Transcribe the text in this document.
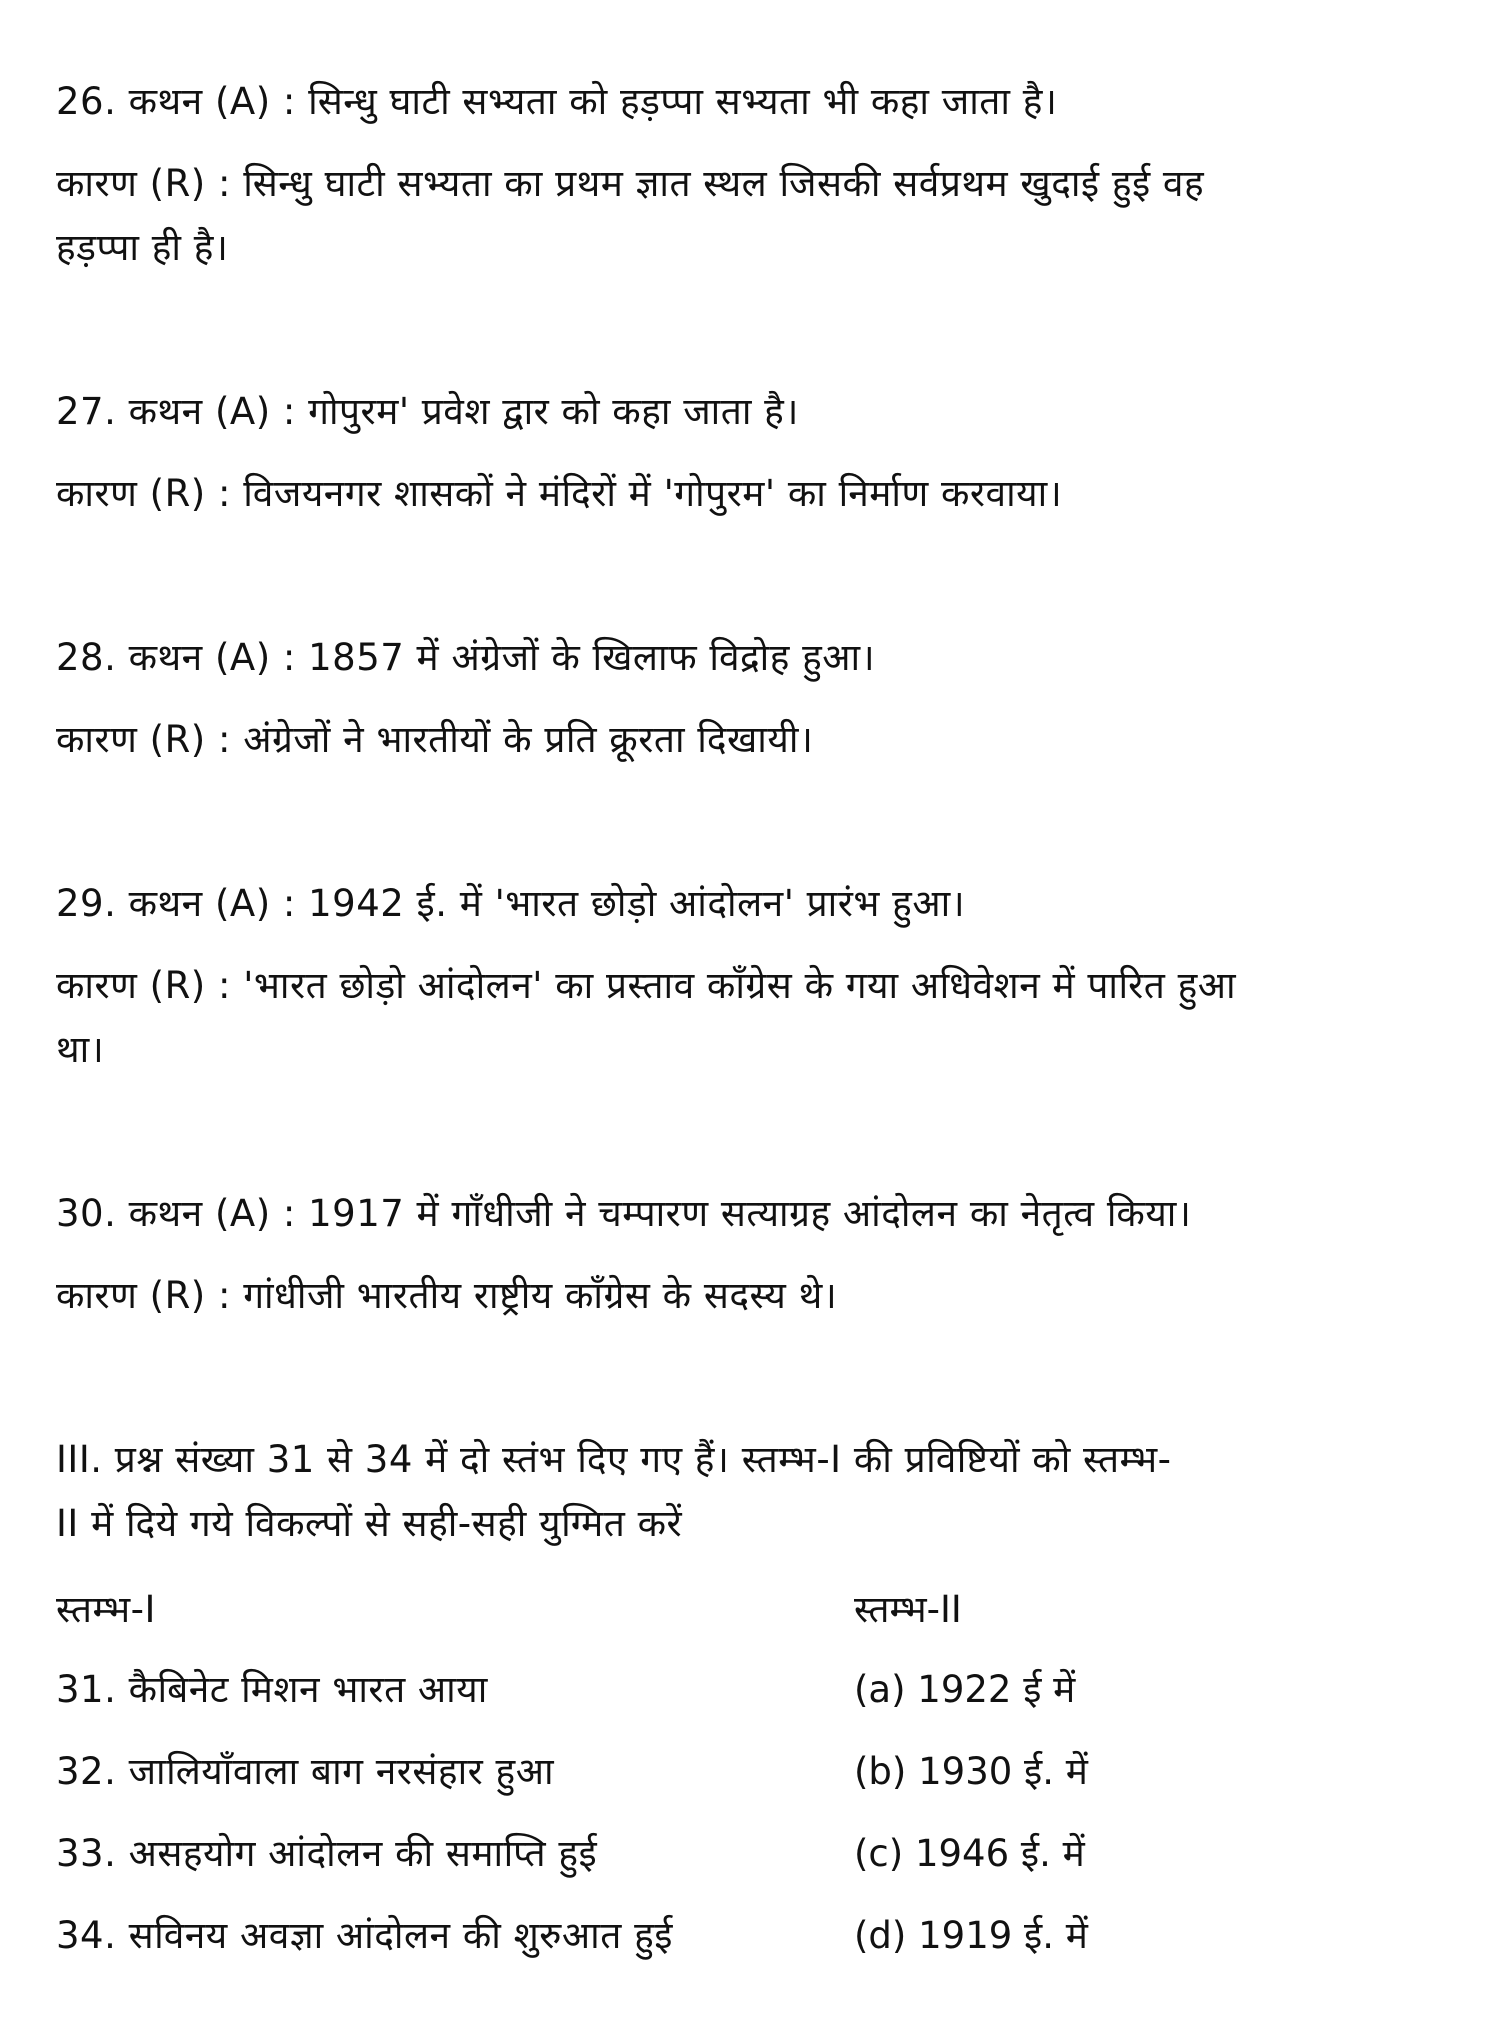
26. कथन (A) : सिन्धु घाटी सभ्यता को हड़प्पा सभ्यता भी कहा जाता है।
कारण (R) : सिन्धु घाटी सभ्यता का प्रथम ज्ञात स्थल जिसकी सर्वप्रथम खुदाई हुई वह
हड़प्पा ही है।
27. कथन (A) : गोपुरम' प्रवेश द्वार को कहा जाता है।
कारण (R) : विजयनगर शासकों ने मंदिरों में 'गोपुरम' का निर्माण करवाया।
28. कथन (A) : 1857 में अंग्रेजों के खिलाफ विद्रोह हुआ।
कारण (R) : अंग्रेजों ने भारतीयों के प्रति क्रूरता दिखायी।
29. कथन (A) : 1942 ई. में 'भारत छोड़ो आंदोलन' प्रारंभ हुआ।
कारण (R) : 'भारत छोड़ो आंदोलन' का प्रस्ताव कॉंग्रेस के गया अधिवेशन में पारित हुआ
था।
30. कथन (A) : 1917 में गाँधीजी ने चम्पारण सत्याग्रह आंदोलन का नेतृत्व किया।
कारण (R) : गांधीजी भारतीय राष्ट्रीय कॉंग्रेस के सदस्य थे।
III. प्रश्न संख्या 31 से 34 में दो स्तंभ दिए गए हैं। स्तम्भ-I की प्रविष्टियों को स्तम्भ-
II में दिये गये विकल्पों से सही-सही युग्मित करें
स्तम्भ-I	स्तम्भ-II
31. कैबिनेट मिशन भारत आया	(a) 1922 ई में
32. जालियाँवाला बाग नरसंहार हुआ	(b) 1930 ई. में
33. असहयोग आंदोलन की समाप्ति हुई	(c) 1946 ई. में
34. सविनय अवज्ञा आंदोलन की शुरुआत हुई	(d) 1919 ई. में
